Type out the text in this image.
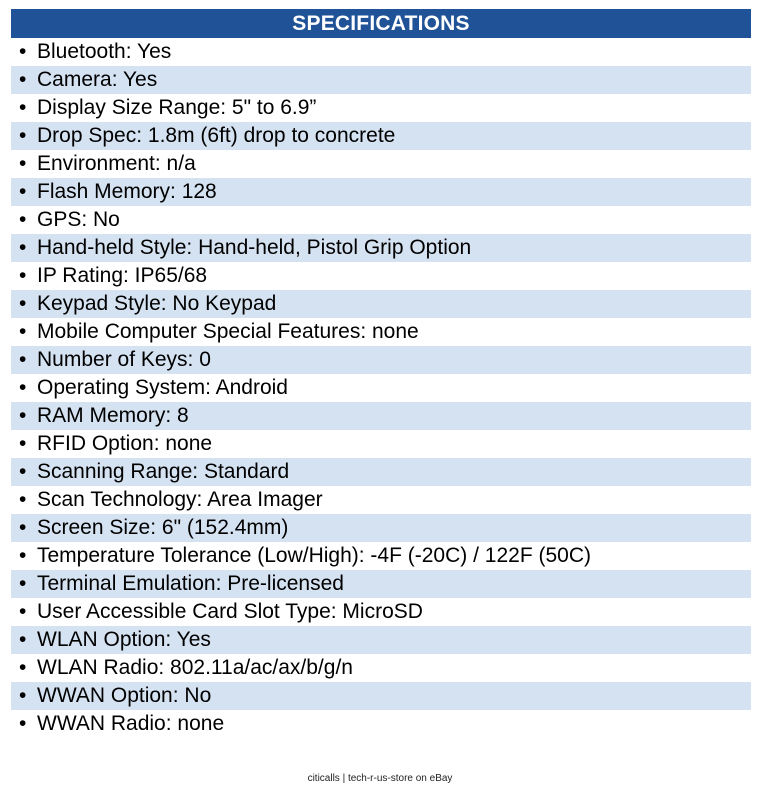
SPECIFICATIONS
• Bluetooth: Yes
• Camera: Yes
• Display Size Range: 5" to 6.9”
• Drop Spec: 1.8m (6ft) drop to concrete
• Environment: n/a
• Flash Memory: 128
• GPS: No
• Hand-held Style: Hand-held, Pistol Grip Option
• IP Rating: IP65/68
• Keypad Style: No Keypad
• Mobile Computer Special Features: none
• Number of Keys: 0
• Operating System: Android
• RAM Memory: 8
• RFID Option: none
• Scanning Range: Standard
• Scan Technology: Area Imager
• Screen Size: 6" (152.4mm)
• Temperature Tolerance (Low/High): -4F (-20C) / 122F (50C)
• Terminal Emulation: Pre-licensed
• User Accessible Card Slot Type: MicroSD
• WLAN Option: Yes
• WLAN Radio: 802.11a/ac/ax/b/g/n
• WWAN Option: No
• WWAN Radio: none
citicalls | tech-r-us-store on eBay
